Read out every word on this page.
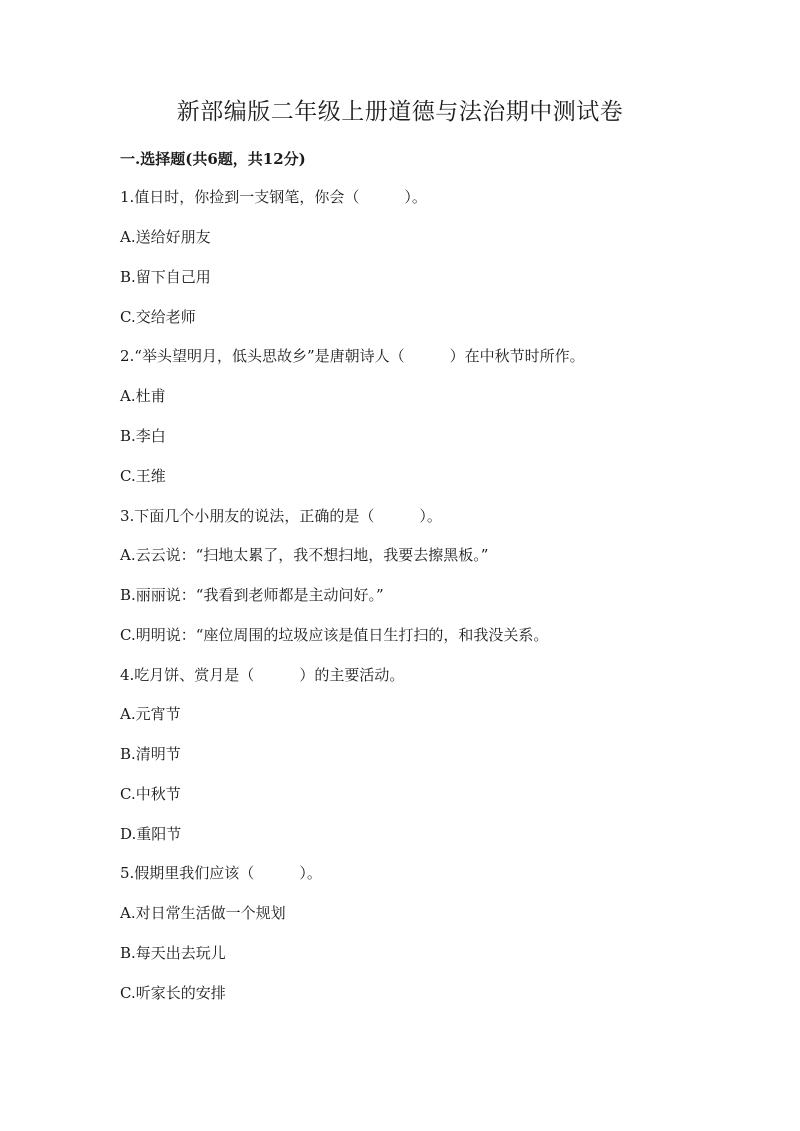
新部编版二年级上册道德与法治期中测试卷
一.选择题(共6题，共12分)
1.值日时，你捡到一支钢笔，你会（　　　）。
A.送给好朋友
B.留下自己用
C.交给老师
2.“举头望明月，低头思故乡”是唐朝诗人（　　　）在中秋节时所作。
A.杜甫
B.李白
C.王维
3.下面几个小朋友的说法，正确的是（　　　）。
A.云云说：“扫地太累了，我不想扫地，我要去擦黑板。”
B.丽丽说：“我看到老师都是主动问好。”
C.明明说：“座位周围的垃圾应该是值日生打扫的，和我没关系。
4.吃月饼、赏月是（　　　）的主要活动。
A.元宵节
B.清明节
C.中秋节
D.重阳节
5.假期里我们应该（　　　）。
A.对日常生活做一个规划
B.每天出去玩儿
C.听家长的安排
